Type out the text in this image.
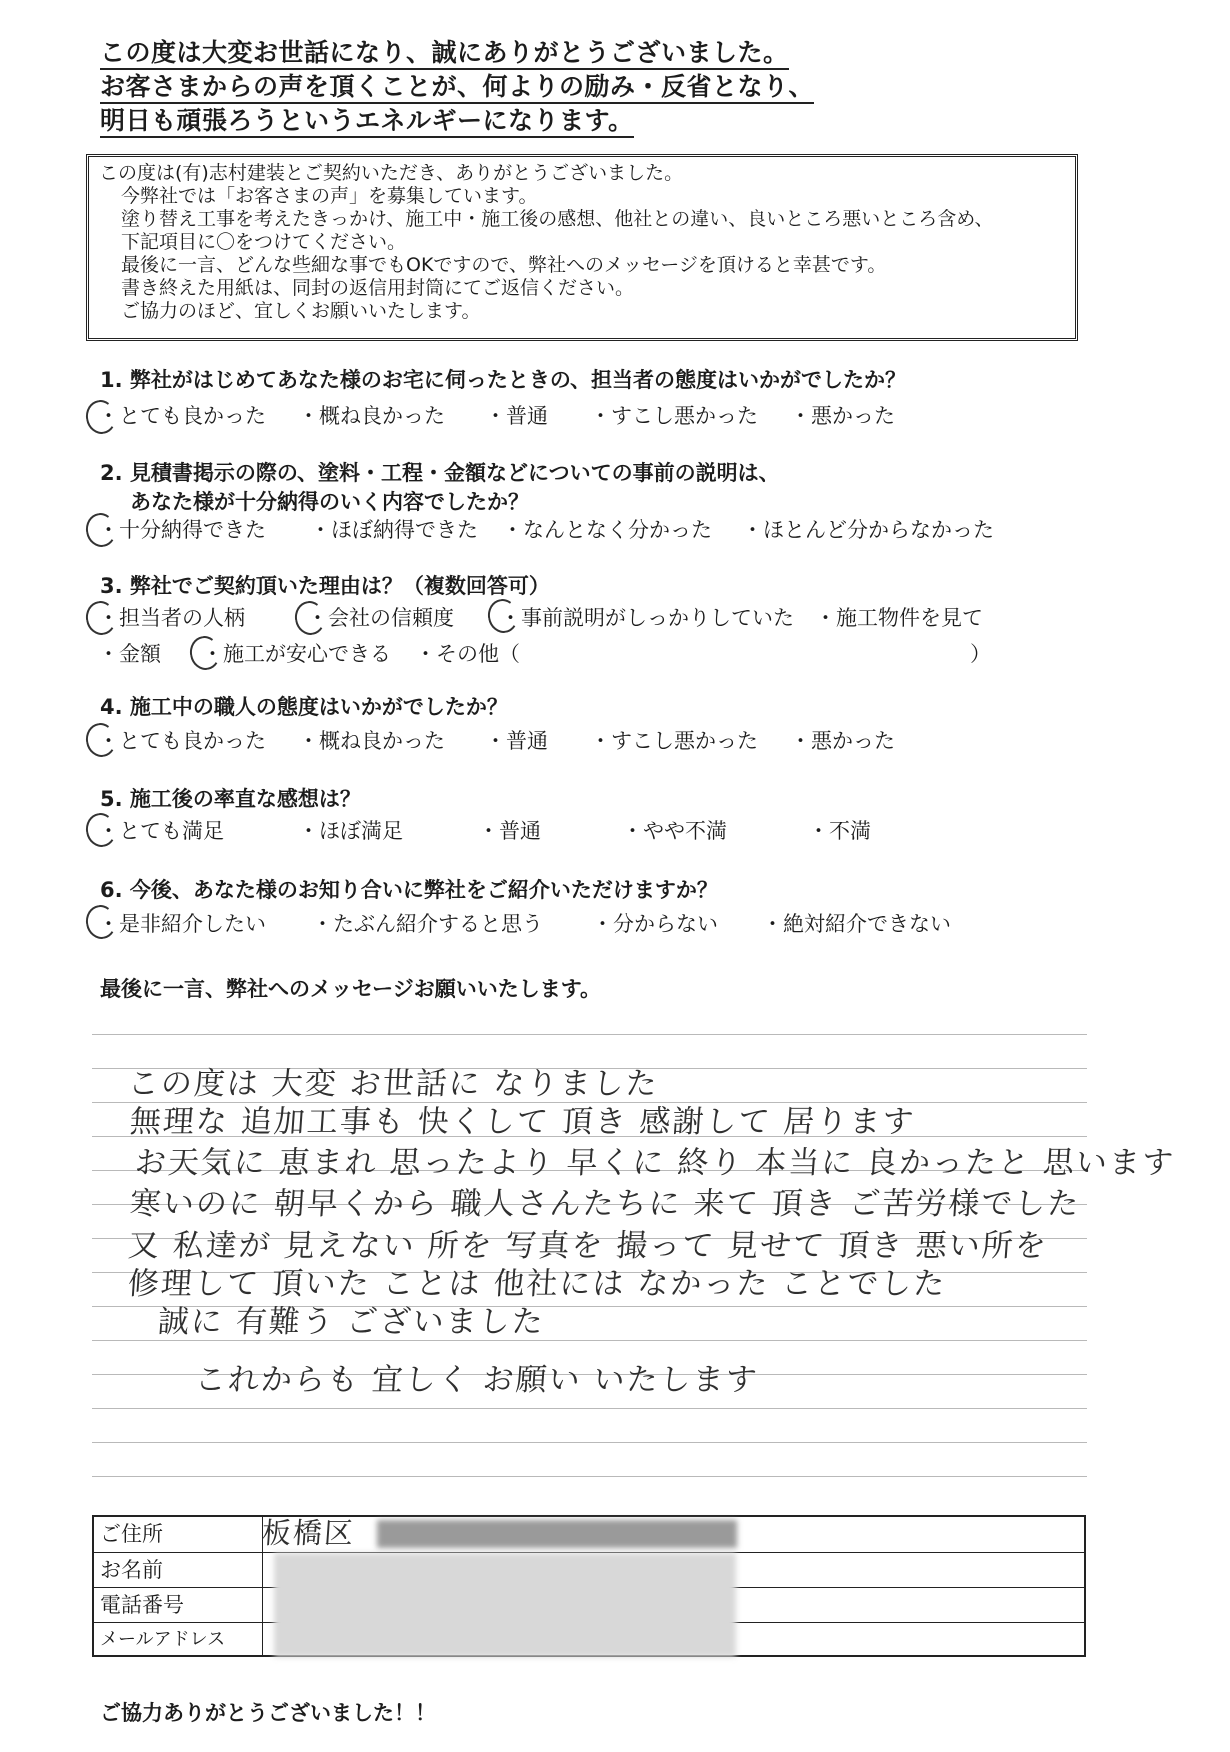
この度は大変お世話になり、誠にありがとうございました。
お客さまからの声を頂くことが、何よりの励み・反省となり、
明日も頑張ろうというエネルギーになります。
この度は(有)志村建装とご契約いただき、ありがとうございました。
今弊社では「お客さまの声」を募集しています。
塗り替え工事を考えたきっかけ、施工中・施工後の感想、他社との違い、良いところ悪いところ含め、
下記項目に〇をつけてください。
最後に一言、どんな些細な事でもOKですので、弊社へのメッセージを頂けると幸甚です。
書き終えた用紙は、同封の返信用封筒にてご返信ください。
ご協力のほど、宜しくお願いいたします。
1. 弊社がはじめてあなた様のお宅に伺ったときの、担当者の態度はいかがでしたか？
・とても良かった ・概ね良かった ・普通 ・すこし悪かった ・悪かった
2. 見積書掲示の際の、塗料・工程・金額などについての事前の説明は、
あなた様が十分納得のいく内容でしたか？
・十分納得できた ・ほぼ納得できた ・なんとなく分かった ・ほとんど分からなかった
3. 弊社でご契約頂いた理由は？（複数回答可）
・担当者の人柄	・会社の信頼度 ・事前説明がしっかりしていた ・施工物件を見て
・金額 ・施工が安心できる ・その他（	）
4. 施工中の職人の態度はいかがでしたか？
・とても良かった ・概ね良かった ・普通 ・すこし悪かった ・悪かった
5. 施工後の率直な感想は？
・とても満足	・ほぼ満足	・普通	・やや不満	・不満
6. 今後、あなた様のお知り合いに弊社をご紹介いただけますか？
・是非紹介したい ・たぶん紹介すると思う ・分からない ・絶対紹介できない
最後に一言、弊社へのメッセージお願いいたします。
この度は 大変 お世話に なりました
無理な 追加工事も 快くして 頂き 感謝して 居ります
お天気に 恵まれ 思ったより 早くに 終り 本当に 良かったと 思います
寒いのに 朝早くから 職人さんたちに 来て 頂き ご苦労様でした
又 私達が 見えない 所を 写真を 撮って 見せて 頂き 悪い所を
修理して 頂いた ことは 他社には なかった ことでした
誠に 有難う ございました
これからも 宜しく お願い いたします
ご住所	板橋区
お名前
電話番号
メールアドレス
ご協力ありがとうございました！！
